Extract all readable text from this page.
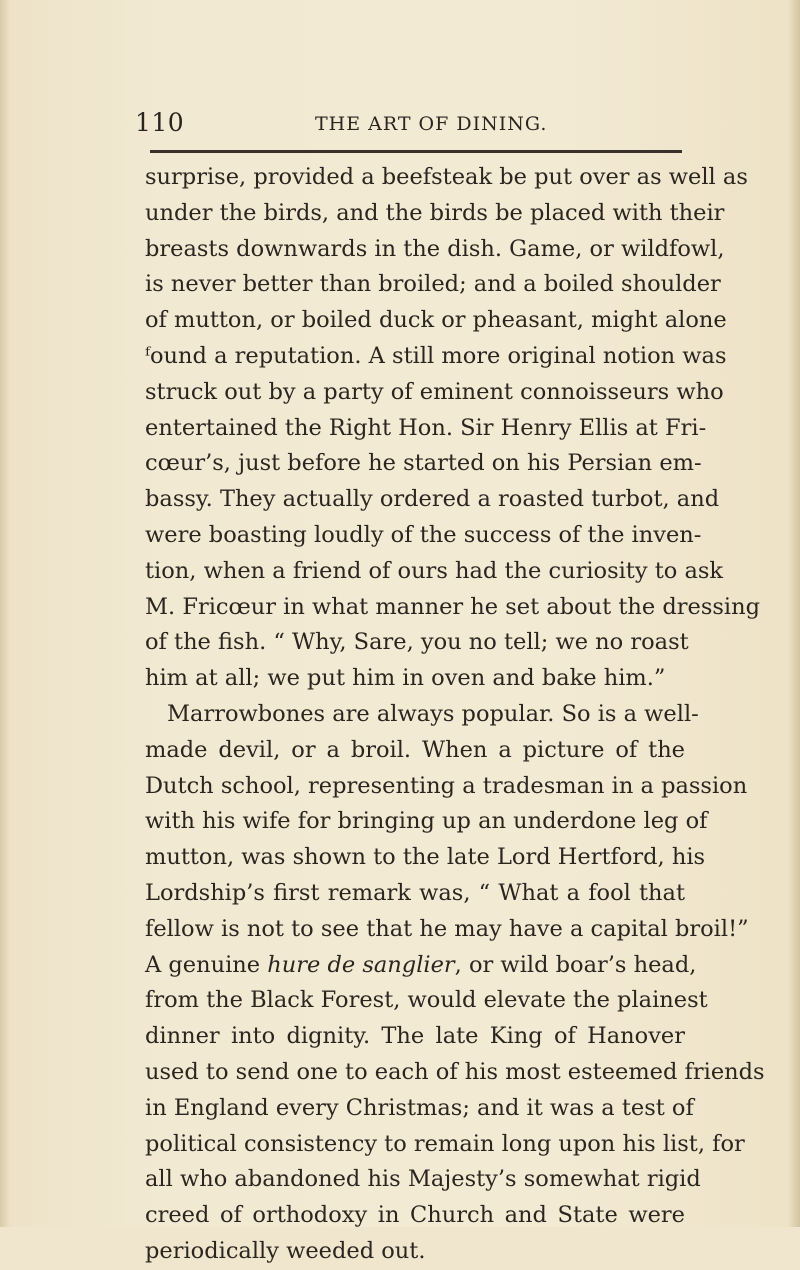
110	THE ART OF DINING.
surprise, provided a beefsteak be put over as well as
under the birds, and the birds be placed with their
breasts downwards in the dish. Game, or wildfowl,
is never better than broiled; and a boiled shoulder
of mutton, or boiled duck or pheasant, might alone
ᶠound a reputation. A still more original notion was
struck out by a party of eminent connoisseurs who
entertained the Right Hon. Sir Henry Ellis at Fri-
cœur’s, just before he started on his Persian em-
bassy. They actually ordered a roasted turbot, and
were boasting loudly of the success of the inven-
tion, when a friend of ours had the curiosity to ask
M. Fricœur in what manner he set about the dressing
of the fish. “ Why, Sare, you no tell; we no roast
him at all; we put him in oven and bake him.”
Marrowbones are always popular. So is a well-
made devil, or a broil. When a picture of the
Dutch school, representing a tradesman in a passion
with his wife for bringing up an underdone leg of
mutton, was shown to the late Lord Hertford, his
Lordship’s first remark was, “ What a fool that
fellow is not to see that he may have a capital broil!”
A genuine hure de sanglier, or wild boar’s head,
from the Black Forest, would elevate the plainest
dinner into dignity. The late King of Hanover
used to send one to each of his most esteemed friends
in England every Christmas; and it was a test of
political consistency to remain long upon his list, for
all who abandoned his Majesty’s somewhat rigid
creed of orthodoxy in Church and State were
periodically weeded out.
